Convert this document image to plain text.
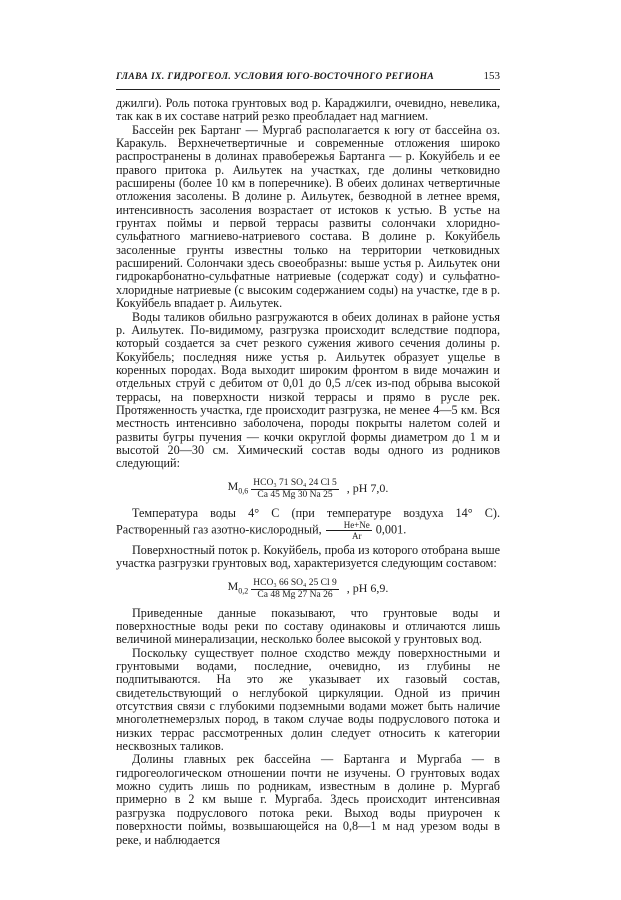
ГЛАВА IX. ГИДРОГЕОЛ. УСЛОВИЯ ЮГО-ВОСТОЧНОГО РЕГИОНА	153

джилги). Роль потока грунтовых вод р. Караджилги, очевидно, невелика, так как в их составе натрий резко преобладает над магнием.

Бассейн рек Бартанг — Мургаб располагается к югу от бассейна оз. Каракуль. Верхнечетвертичные и современные отложения широко распространены в долинах правобережья Бартанга — р. Кокуйбель и ее правого притока р. Аильутек на участках, где долины четковидно расширены (более 10 км в поперечнике). В обеих долинах четвертичные отложения засолены. В долине р. Аильутек, безводной в летнее время, интенсивность засоления возрастает от истоков к устью. В устье на грунтах поймы и первой террасы развиты солончаки хлоридно-сульфатного магниево-натриевого состава. В долине р. Кокуйбель засоленные грунты известны только на территории четковидных расширений. Солончаки здесь своеобразны: выше устья р. Аильутек они гидрокарбонатно-сульфатные натриевые (содержат соду) и сульфатно-хлоридные натриевые (с высоким содержанием соды) на участке, где в р. Кокуйбель впадает р. Аильутек.

Воды таликов обильно разгружаются в обеих долинах в районе устья р. Аильутек. По-видимому, разгрузка происходит вследствие подпора, который создается за счет резкого сужения живого сечения долины р. Кокуйбель; последняя ниже устья р. Аильутек образует ущелье в коренных породах. Вода выходит широким фронтом в виде мочажин и отдельных струй с дебитом от 0,01 до 0,5 л/сек из-под обрыва высокой террасы, на поверхности низкой террасы и прямо в русле рек. Протяженность участка, где происходит разгрузка, не менее 4—5 км. Вся местность интенсивно заболочена, породы покрыты налетом солей и развиты бугры пучения — кочки округлой формы диаметром до 1 м и высотой 20—30 см. Химический состав воды одного из родников следующий:

$M_{0,6} \frac{\text{HCO₃ 71 SO₄ 24 Cl 5}}{Ca 45 Mg 30 Na 25}$ , pH 7,0.

Температура воды 4° С (при температуре воздуха 14° С). Растворенный газ азотно-кислородный, $\frac{He+Ne}{Ar} 0,001$.

Поверхностный поток р. Кокуйбель, проба из которого отобрана выше участка разгрузки грунтовых вод, характеризуется следующим составом:

$M_{0,2} \frac{\text{HCO₃ 66 SO₄ 25 Cl 9}}{Ca 48 Mg 27 Na 26}$ , pH 6,9.

Приведенные данные показывают, что грунтовые воды и поверхностные воды реки по составу одинаковы и отличаются лишь величиной минерализации, несколько более высокой у грунтовых вод.

Поскольку существует полное сходство между поверхностными и грунтовыми водами, последние, очевидно, из глубины не подпитываются. На это же указывает их газовый состав, свидетельствующий о неглубокой циркуляции. Одной из причин отсутствия связи с глубокими подземными водами может быть наличие многолетнемерзлых пород, в таком случае воды подруслового потока и низких террас рассмотренных долин следует относить к категории несквозных таликов.

Долины главных рек бассейна — Бартанга и Мургаба — в гидрогеологическом отношении почти не изучены. О грунтовых водах можно судить лишь по родникам, известным в долине р. Мургаб примерно в 2 км выше г. Мургаба. Здесь происходит интенсивная разгрузка подруслового потока реки. Выход воды приурочен к поверхности поймы, возвышающейся на 0,8—1 м над урезом воды в реке, и наблюдается
